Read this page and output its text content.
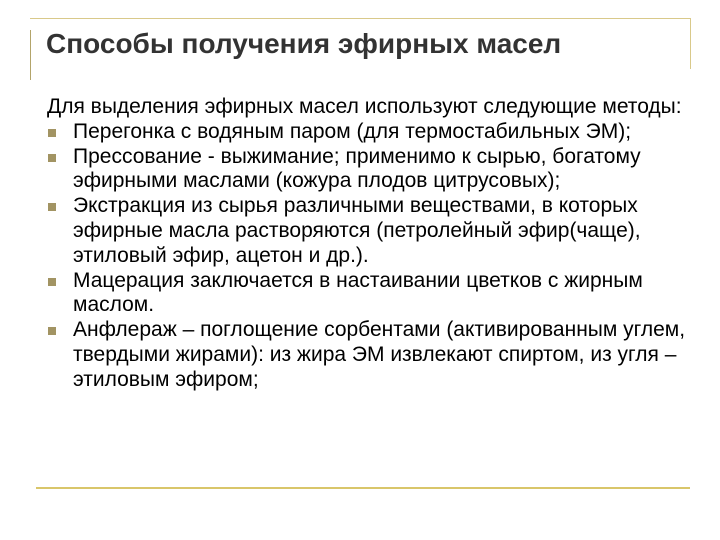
Способы получения эфирных масел

Для выделения эфирных масел используют следующие методы:

Перегонка с водяным паром (для термостабильных ЭМ);
Прессование - выжимание; применимо к сырью, богатому эфирными маслами (кожура плодов цитрусовых);
Экстракция из сырья различными веществами, в которых эфирные масла растворяются (петролейный эфир(чаще), этиловый эфир, ацетон и др.).
Мацерация заключается в настаивании цветков с жирным маслом.
Анфлераж – поглощение сорбентами (активированным углем, твердыми жирами): из жира ЭМ извлекают спиртом, из угля – этиловым эфиром;
